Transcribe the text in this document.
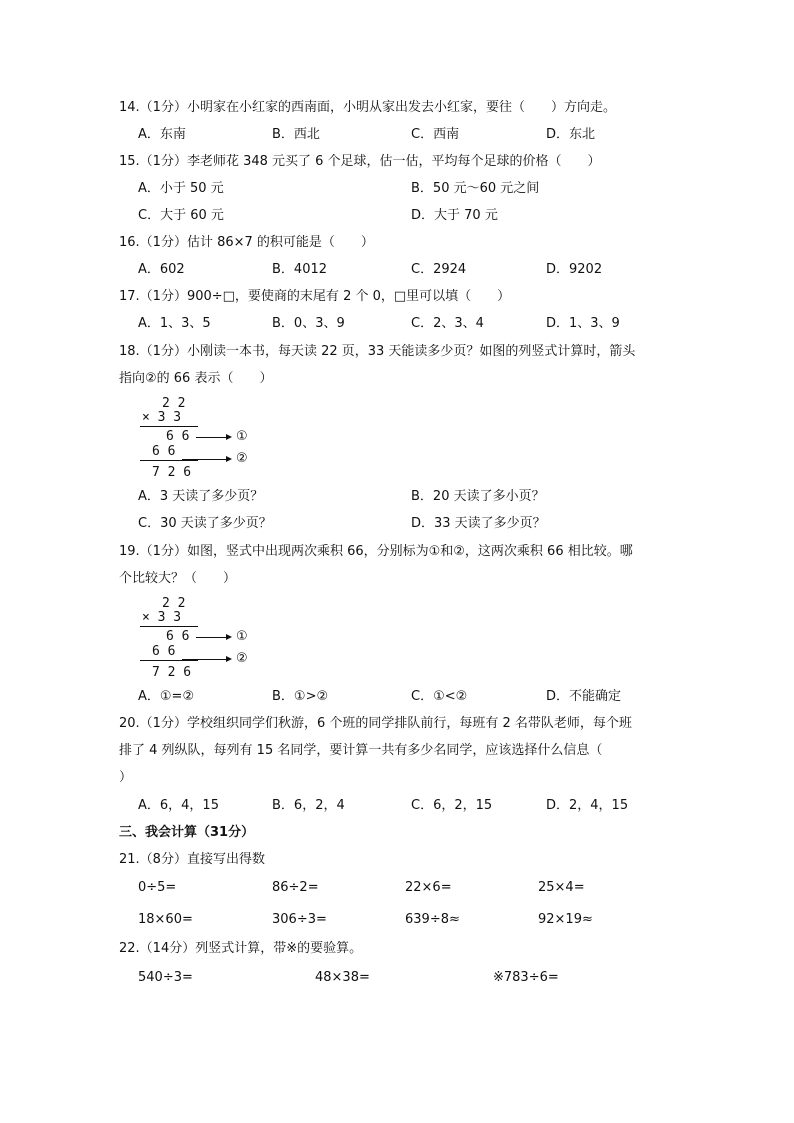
14.（1分）小明家在小红家的西南面，小明从家出发去小红家，要往（　　）方向走。
A．东南	B．西北	C．西南	D．东北
15.（1分）李老师花 348 元买了 6 个足球，估一估，平均每个足球的价格（　　）
A．小于 50 元	B．50 元～60 元之间
C．大于 60 元	D．大于 70 元
16.（1分）估计 86×7 的积可能是（　　）
A．602	B．4012	C．2924	D．9202
17.（1分）900÷□，要使商的末尾有 2 个 0，□里可以填（　　）
A．1、3、5	B．0、3、9	C．2、3、4	D．1、3、9
18.（1分）小刚读一本书，每天读 22 页，33 天能读多少页？如图的列竖式计算时，箭头
指向②的 66 表示（　　）
2 2
× 3 3
6 6	①
6 6	②
7 2 6
A．3 天读了多少页？	B．20 天读了多小页？
C．30 天读了多少页？	D．33 天读了多少页？
19.（1分）如图，竖式中出现两次乘积 66，分别标为①和②，这两次乘积 66 相比较。哪
个比较大？（　　）
2 2
× 3 3
6 6	①
6 6	②
7 2 6
A．①=②	B．①>②	C．①<②	D．不能确定
20.（1分）学校组织同学们秋游，6 个班的同学排队前行，每班有 2 名带队老师，每个班
排了 4 列纵队，每列有 15 名同学，要计算一共有多少名同学，应该选择什么信息（
）
A．6，4，15	B．6，2，4	C．6，2，15	D．2，4，15
三、我会计算（31分）
21.（8分）直接写出得数
0÷5=	86÷2=	22×6=	25×4=
18×60=	306÷3=	639÷8≈	92×19≈
22.（14分）列竖式计算，带※的要验算。
540÷3=	48×38=	※783÷6=
